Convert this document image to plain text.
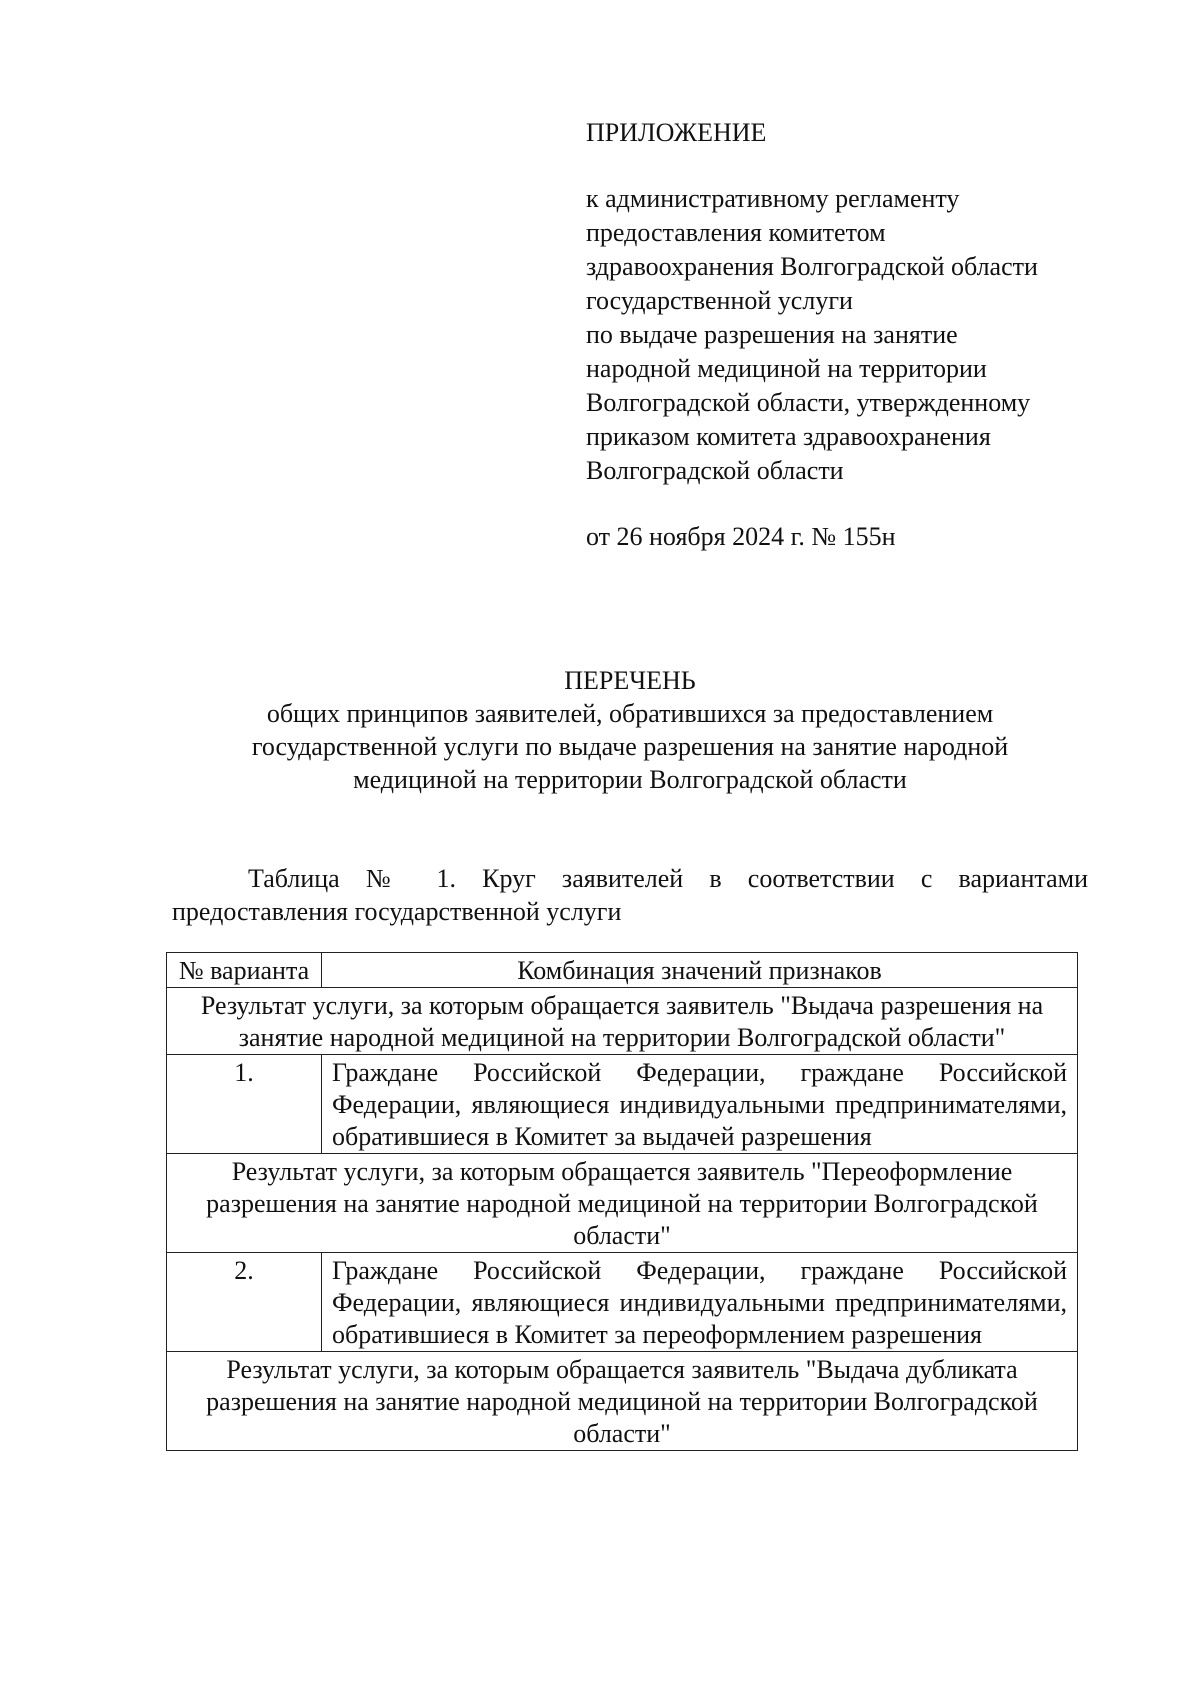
ПРИЛОЖЕНИЕ
к административному регламенту
предоставления комитетом
здравоохранения Волгоградской области
государственной услуги
по выдаче разрешения на занятие
народной медициной на территории
Волгоградской области, утвержденному
приказом комитета здравоохранения
Волгоградской области
от 26 ноября 2024 г. № 155н
ПЕРЕЧЕНЬ
общих принципов заявителей, обратившихся за предоставлением
государственной услуги по выдаче разрешения на занятие народной
медициной на территории Волгоградской области
Таблица № 1. Круг заявителей в соответствии с вариантами
предоставления государственной услуги
№ варианта	Комбинация значений признаков
Результат услуги, за которым обращается заявитель "Выдача разрешения на занятие народной медициной на территории Волгоградской области"	
1.	Граждане Российской Федерации, граждане Российской Федерации, являющиеся индивидуальными предпринимателями, обратившиеся в Комитет за выдачей разрешения
Результат услуги, за которым обращается заявитель "Переоформление разрешения на занятие народной медициной на территории Волгоградской области"	
2.	Граждане Российской Федерации, граждане Российской Федерации, являющиеся индивидуальными предпринимателями, обратившиеся в Комитет за переоформлением разрешения
Результат услуги, за которым обращается заявитель "Выдача дубликата разрешения на занятие народной медициной на территории Волгоградской области"	
